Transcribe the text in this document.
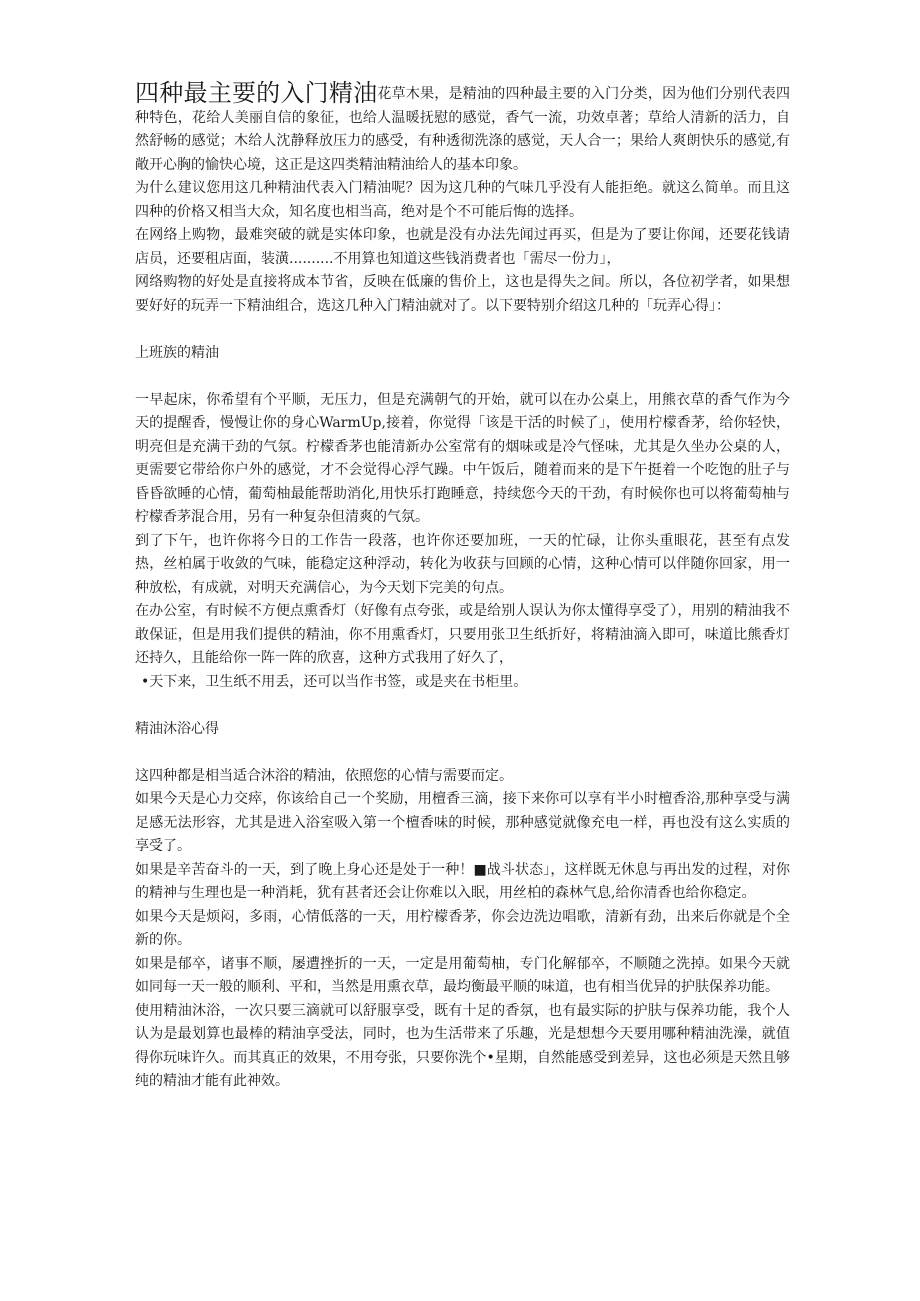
四种最主要的入门精油花草木果，是精油的四种最主要的入门分类，因为他们分别代表四种特色，花给人美丽自信的象征，也给人温暖抚慰的感觉，香气一流，功效卓著；草给人清新的活力，自然舒畅的感觉；木给人沈静释放压力的感受，有种透彻洗涤的感觉，天人合一；果给人爽朗快乐的感觉,有敞开心胸的愉快心境，这正是这四类精油精油给人的基本印象。

为什么建议您用这几种精油代表入门精油呢？因为这几种的气味几乎没有人能拒绝。就这么简单。而且这四种的价格又相当大众，知名度也相当高，绝对是个不可能后悔的选择。

在网络上购物，最难突破的就是实体印象，也就是没有办法先闻过再买，但是为了要让你闻，还要花钱请店员，还要租店面，装潢..........不用算也知道这些钱消费者也「需尽一份力」，

网络购物的好处是直接将成本节省，反映在低廉的售价上，这也是得失之间。所以，各位初学者，如果想要好好的玩弄一下精油组合，选这几种入门精油就对了。以下要特别介绍这几种的「玩弄心得」：

上班族的精油

一早起床，你希望有个平顺，无压力，但是充满朝气的开始，就可以在办公桌上，用熊衣草的香气作为今天的提醒香，慢慢让你的身心WarmUp,接着，你觉得「该是干活的时候了」，使用柠檬香茅，给你轻快，明亮但是充满干劲的气氛。柠檬香茅也能清新办公室常有的烟味或是冷气怪味，尤其是久坐办公桌的人，更需要它带给你户外的感觉，才不会觉得心浮气躁。中午饭后，随着而来的是下午挺着一个吃饱的肚子与昏昏欲睡的心情，葡萄柚最能帮助消化,用快乐打跑睡意，持续您今天的干劲，有时候你也可以将葡萄柚与柠檬香茅混合用，另有一种复杂但清爽的气氛。

到了下午，也许你将今日的工作告一段落，也许你还要加班，一天的忙碌，让你头重眼花，甚至有点发热，丝柏属于收敛的气味，能稳定这种浮动，转化为收获与回顾的心情，这种心情可以伴随你回家，用一种放松，有成就，对明天充满信心，为今天划下完美的句点。

在办公室，有时候不方便点熏香灯（好像有点夸张，或是给别人误认为你太懂得享受了），用别的精油我不敢保证，但是用我们提供的精油，你不用熏香灯，只要用张卫生纸折好，将精油滴入即可，味道比熊香灯还持久，且能给你一阵一阵的欣喜，这种方式我用了好久了，

•天下来，卫生纸不用丢，还可以当作书签，或是夹在书柜里。

精油沐浴心得

这四种都是相当适合沐浴的精油，依照您的心情与需要而定。

如果今天是心力交瘁，你该给自己一个奖励，用檀香三滴，接下来你可以享有半小时檀香浴,那种享受与满足感无法形容，尤其是进入浴室吸入第一个檀香味的时候，那种感觉就像充电一样，再也没有这么实质的享受了。

如果是辛苦奋斗的一天，到了晚上身心还是处于一种！■战斗状态」，这样既无休息与再出发的过程，对你的精神与生理也是一种消耗，犹有甚者还会让你难以入眠，用丝柏的森林气息,给你清香也给你稳定。

如果今天是烦闷，多雨，心情低落的一天，用柠檬香茅，你会边洗边唱歌，清新有劲，出来后你就是个全新的你。

如果是郁卒，诸事不顺，屡遭挫折的一天，一定是用葡萄柚，专门化解郁卒，不顺随之洗掉。如果今天就如同每一天一般的顺利、平和，当然是用熏衣草，最均衡最平顺的味道，也有相当优异的护肤保养功能。

使用精油沐浴，一次只要三滴就可以舒服享受，既有十足的香氛，也有最实际的护肤与保养功能，我个人认为是最划算也最棒的精油享受法，同时，也为生活带来了乐趣，光是想想今天要用哪种精油洗澡，就值得你玩味许久。而其真正的效果，不用夸张，只要你洗个•星期，自然能感受到差异，这也必须是天然且够纯的精油才能有此神效。
